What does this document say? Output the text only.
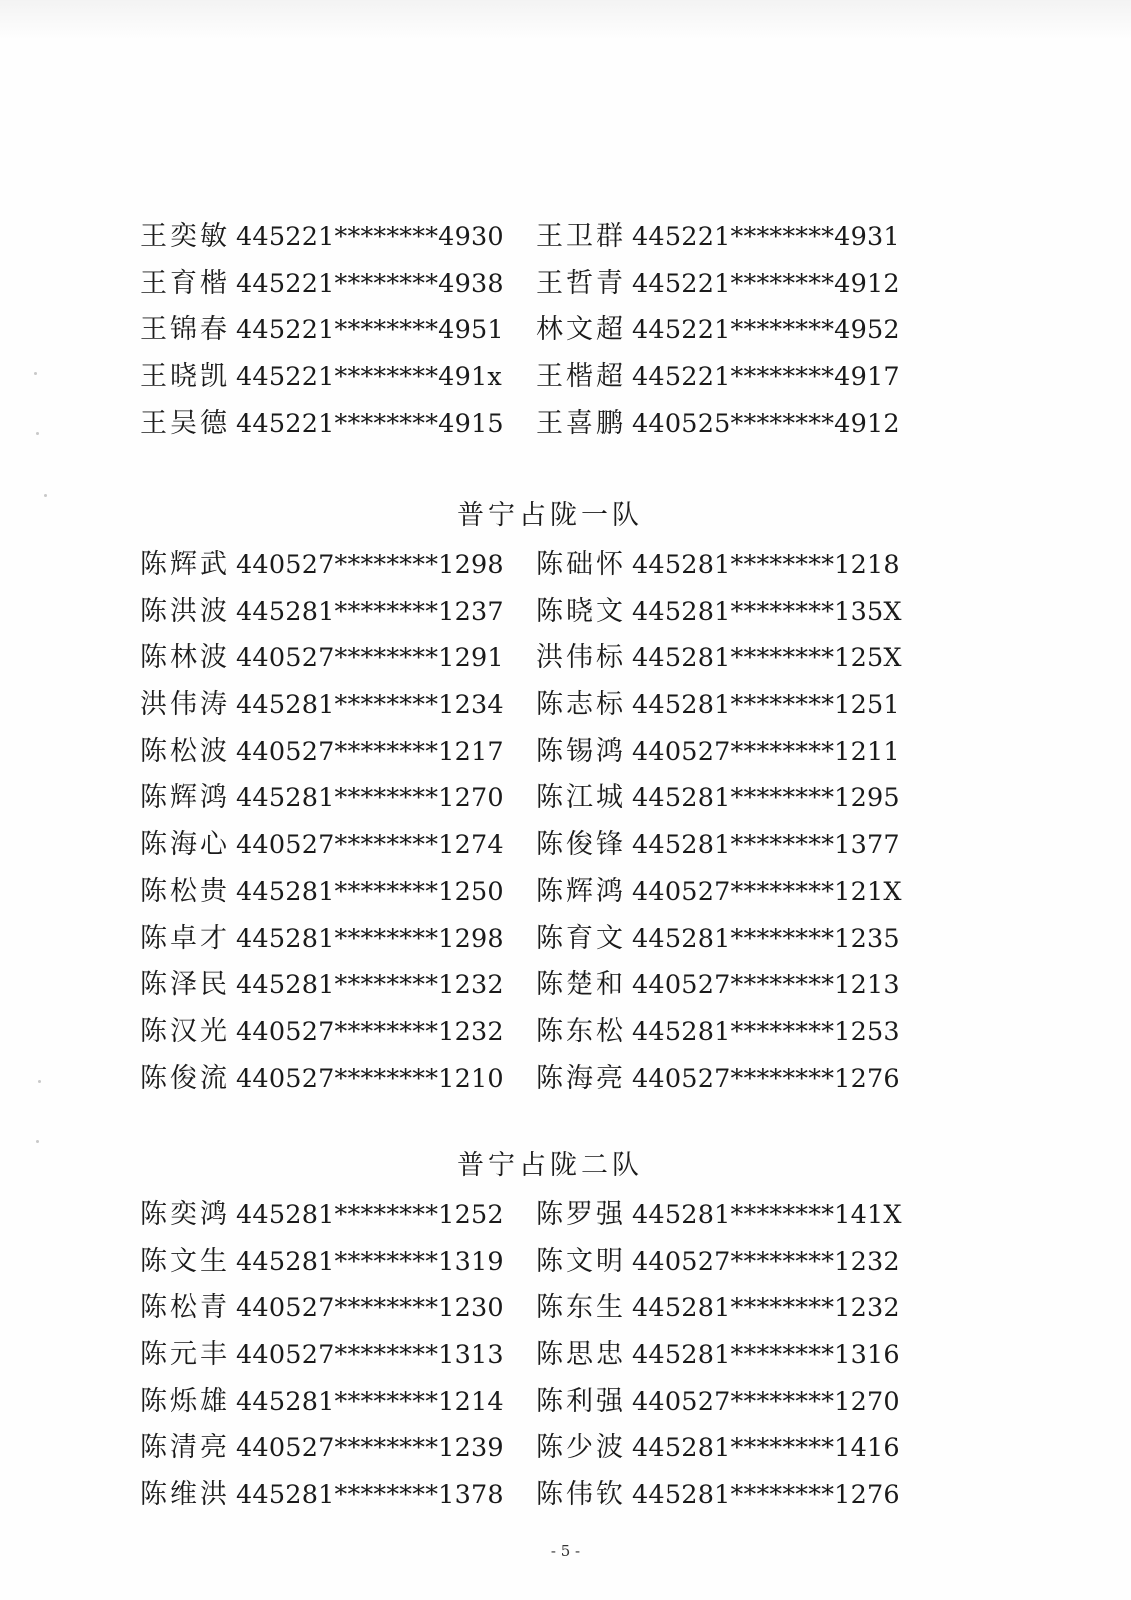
王奕敏 445221********4930 王卫群 445221********4931
王育楷 445221********4938 王哲青 445221********4912
王锦春 445221********4951 林文超 445221********4952
王晓凯 445221********491x 王楷超 445221********4917
王吴德 445221********4915 王喜鹏 440525********4912
普宁占陇一队
陈辉武 440527********1298 陈础怀 445281********1218
陈洪波 445281********1237 陈晓文 445281********135X
陈林波 440527********1291 洪伟标 445281********125X
洪伟涛 445281********1234 陈志标 445281********1251
陈松波 440527********1217 陈锡鸿 440527********1211
陈辉鸿 445281********1270 陈江城 445281********1295
陈海心 440527********1274 陈俊锋 445281********1377
陈松贵 445281********1250 陈辉鸿 440527********121X
陈卓才 445281********1298 陈育文 445281********1235
陈泽民 445281********1232 陈楚和 440527********1213
陈汉光 440527********1232 陈东松 445281********1253
陈俊流 440527********1210 陈海亮 440527********1276
普宁占陇二队
陈奕鸿 445281********1252 陈罗强 445281********141X
陈文生 445281********1319 陈文明 440527********1232
陈松青 440527********1230 陈东生 445281********1232
陈元丰 440527********1313 陈思忠 445281********1316
陈烁雄 445281********1214 陈利强 440527********1270
陈清亮 440527********1239 陈少波 445281********1416
陈维洪 445281********1378 陈伟钦 445281********1276
- 5 -
